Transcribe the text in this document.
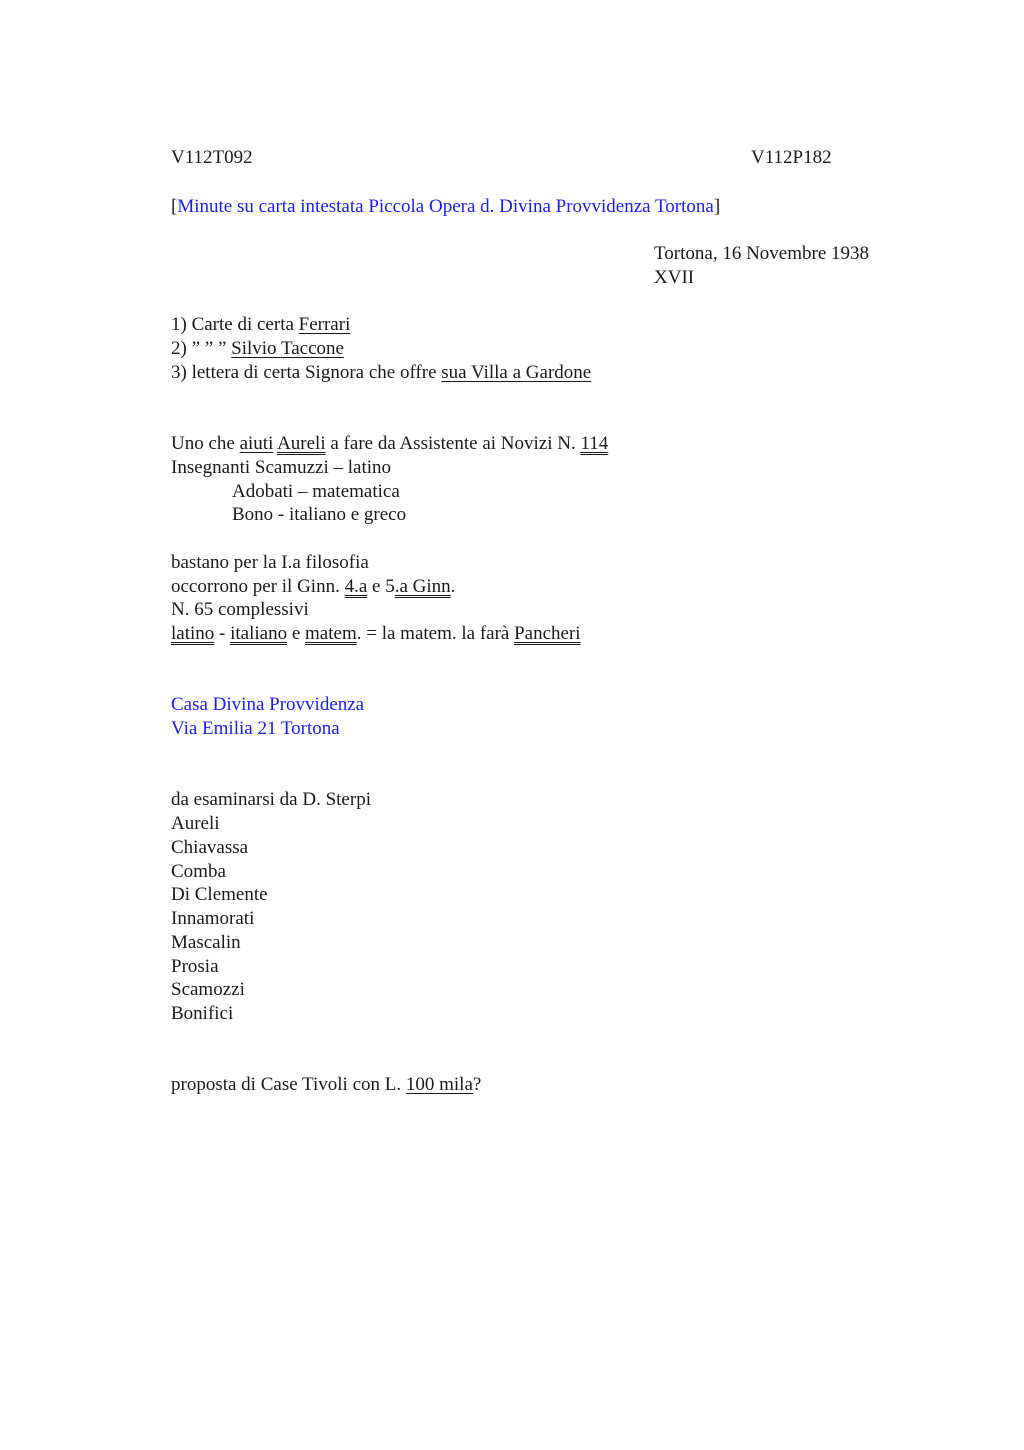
V112T092	V112P182
[Minute su carta intestata Piccola Opera d. Divina Provvidenza Tortona]
Tortona, 16 Novembre 1938
XVII
1) Carte di certa Ferrari
2) ” ” ” Silvio Taccone
3) lettera di certa Signora che offre sua Villa a Gardone
Uno che aiuti Aureli a fare da Assistente ai Novizi N. 114
Insegnanti Scamuzzi – latino
Adobati – matematica
Bono - italiano e greco
bastano per la I.a filosofia
occorrono per il Ginn. 4.a e 5.a Ginn.
N. 65 complessivi
latino - italiano e matem. = la matem. la farà Pancheri
Casa Divina Provvidenza
Via Emilia 21 Tortona
da esaminarsi da D. Sterpi
Aureli
Chiavassa
Comba
Di Clemente
Innamorati
Mascalin
Prosia
Scamozzi
Bonifici
proposta di Case Tivoli con L. 100 mila?
